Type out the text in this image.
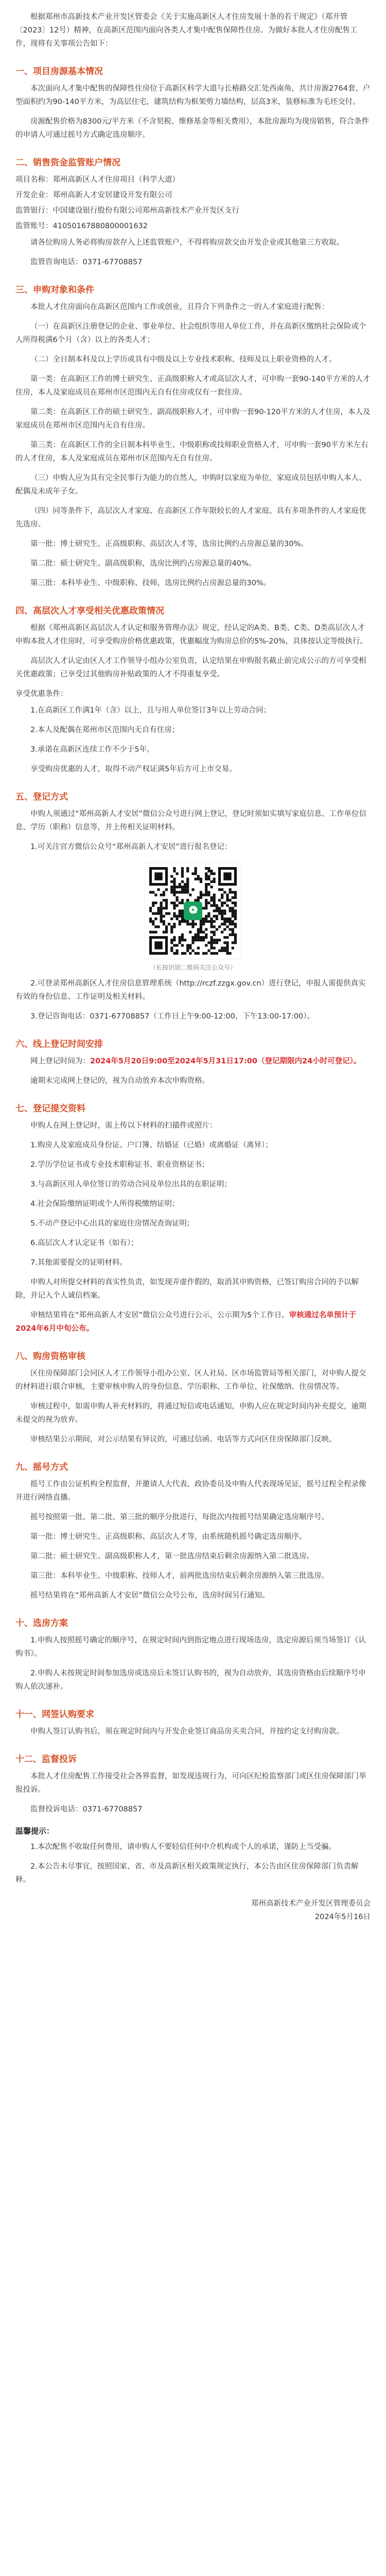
根据郑州市高新技术产业开发区管委会《关于实施高新区人才住房发展十条的若干规定》（郑开管〔2023〕12号）精神，在高新区范围内面向各类人才集中配售保障性住房。为做好本批人才住房配售工作，现将有关事项公告如下：

一、项目房源基本情况

本次面向人才集中配售的保障性住房位于高新区科学大道与长椿路交汇处西南角，共计房源2764套，户型面积约为90-140平方米，为高层住宅，建筑结构为框架剪力墙结构，层高3米，装修标准为毛坯交付。

房源配售价格为8300元/平方米（不含契税、维修基金等相关费用），本批房源均为现房销售，符合条件的申请人可通过摇号方式确定选房顺序。

二、销售资金监管账户情况

项目名称：郑州高新区人才住房项目（科学大道）

开发企业：郑州高新人才安居建设开发有限公司

监管银行：中国建设银行股份有限公司郑州高新技术产业开发区支行

监管账号：41050167880800001632

请各位购房人务必将购房款存入上述监管账户，不得将购房款交由开发企业或其他第三方收取。

监管咨询电话：0371-67708857

三、申购对象和条件

本批人才住房面向在高新区范围内工作或创业，且符合下列条件之一的人才家庭进行配售：

（一）在高新区注册登记的企业、事业单位、社会组织等用人单位工作，并在高新区缴纳社会保险或个人所得税满6个月（含）以上的各类人才；

（二）全日制本科及以上学历或具有中级及以上专业技术职称、技师及以上职业资格的人才。

第一类：在高新区工作的博士研究生、正高级职称人才或高层次人才，可申购一套90-140平方米的人才住房，本人及家庭成员在郑州市区范围内无自有住房或仅有一套住房。

第二类：在高新区工作的硕士研究生、副高级职称人才，可申购一套90-120平方米的人才住房，本人及家庭成员在郑州市区范围内无自有住房。

第三类：在高新区工作的全日制本科毕业生、中级职称或技师职业资格人才，可申购一套90平方米左右的人才住房，本人及家庭成员在郑州市区范围内无自有住房。

（三）申购人应为具有完全民事行为能力的自然人，申购时以家庭为单位，家庭成员包括申购人本人、配偶及未成年子女。

（四）同等条件下，高层次人才家庭、在高新区工作年限较长的人才家庭、具有多项条件的人才家庭优先选房。

第一批：博士研究生、正高级职称、高层次人才等，选房比例约占房源总量的30%。

第二批：硕士研究生、副高级职称，选房比例约占房源总量的40%。

第三批：本科毕业生、中级职称、技师，选房比例约占房源总量的30%。

四、高层次人才享受相关优惠政策情况

根据《郑州高新区高层次人才认定和服务管理办法》规定，经认定的A类、B类、C类、D类高层次人才申购本批人才住房时，可享受购房价格优惠政策，优惠幅度为购房总价的5%-20%，具体按认定等级执行。

高层次人才认定由区人才工作领导小组办公室负责，认定结果在申购报名截止前完成公示的方可享受相关优惠政策；已享受过其他购房补贴政策的人才不得重复享受。

享受优惠条件：

1.在高新区工作满1年（含）以上，且与用人单位签订3年以上劳动合同；

2.本人及配偶在郑州市区范围内无自有住房；

3.承诺在高新区连续工作不少于5年。

享受购房优惠的人才，取得不动产权证满5年后方可上市交易。

五、登记方式

申购人须通过“郑州高新人才安居”微信公众号进行网上登记，登记时须如实填写家庭信息、工作单位信息、学历（职称）信息等，并上传相关证明材料。

1.可关注官方微信公众号“郑州高新人才安居”进行报名登记：

（长按识别二维码关注公众号）

2.可登录郑州高新区人才住房信息管理系统（http://rczf.zzgx.gov.cn）进行登记，申报人需提供真实有效的身份信息、工作证明及相关材料。

3.登记咨询电话：0371-67708857（工作日上午9:00-12:00，下午13:00-17:00）。

六、线上登记时间安排

网上登记时间为：2024年5月20日9:00至2024年5月31日17:00（登记期限内24小时可登记）。

逾期未完成网上登记的，视为自动放弃本次申购资格。

七、登记提交资料

申购人在网上登记时，需上传以下材料的扫描件或照片：

1.购房人及家庭成员身份证、户口簿、结婚证（已婚）或离婚证（离异）；

2.学历学位证书或专业技术职称证书、职业资格证书；

3.与高新区用人单位签订的劳动合同及单位出具的在职证明；

4.社会保险缴纳证明或个人所得税缴纳证明；

5.不动产登记中心出具的家庭住房情况查询证明；

6.高层次人才认定证书（如有）；

7.其他需要提交的证明材料。

申购人对所提交材料的真实性负责，如发现弄虚作假的，取消其申购资格，已签订购房合同的予以解除，并记入个人诚信档案。

审核结果将在“郑州高新人才安居”微信公众号进行公示，公示期为5个工作日。审核通过名单预计于2024年6月中旬公布。

八、购房资格审核

区住房保障部门会同区人才工作领导小组办公室、区人社局、区市场监管局等相关部门，对申购人提交的材料进行联合审核，主要审核申购人的身份信息、学历职称、工作单位、社保缴纳、住房情况等。

审核过程中，如需申购人补充材料的，将通过短信或电话通知，申购人应在规定时间内补充提交，逾期未提交的视为放弃。

审核结果公示期间，对公示结果有异议的，可通过信函、电话等方式向区住房保障部门反映。

九、摇号方式

摇号工作由公证机构全程监督，并邀请人大代表、政协委员及申购人代表现场见证，摇号过程全程录像并进行网络直播。

摇号按照第一批、第二批、第三批的顺序分批进行，每批次内按摇号结果确定选房顺序号。

第一批：博士研究生、正高级职称、高层次人才等，由系统随机摇号确定选房顺序。

第二批：硕士研究生、副高级职称人才，第一批选房结束后剩余房源纳入第二批选房。

第三批：本科毕业生、中级职称、技师人才，前两批选房结束后剩余房源纳入第三批选房。

摇号结果将在“郑州高新人才安居”微信公众号公布，选房时间另行通知。

十、选房方案

1.申购人按照摇号确定的顺序号，在规定时间内到指定地点进行现场选房，选定房源后须当场签订《认购书》。

2.申购人未按规定时间参加选房或选房后未签订认购书的，视为自动放弃，其选房资格由后续顺序号申购人依次递补。

十一、网签认购要求

申购人签订认购书后，须在规定时间内与开发企业签订商品房买卖合同，并按约定支付购房款。

十二、监督投诉

本批人才住房配售工作接受社会各界监督，如发现违规行为，可向区纪检监察部门或区住房保障部门举报投诉。

监督投诉电话：0371-67708857

温馨提示：

1.本次配售不收取任何费用，请申购人不要轻信任何中介机构或个人的承诺，谨防上当受骗。

2.本公告未尽事宜，按照国家、省、市及高新区相关政策规定执行，本公告由区住房保障部门负责解释。

郑州高新技术产业开发区管理委员会
2024年5月16日
